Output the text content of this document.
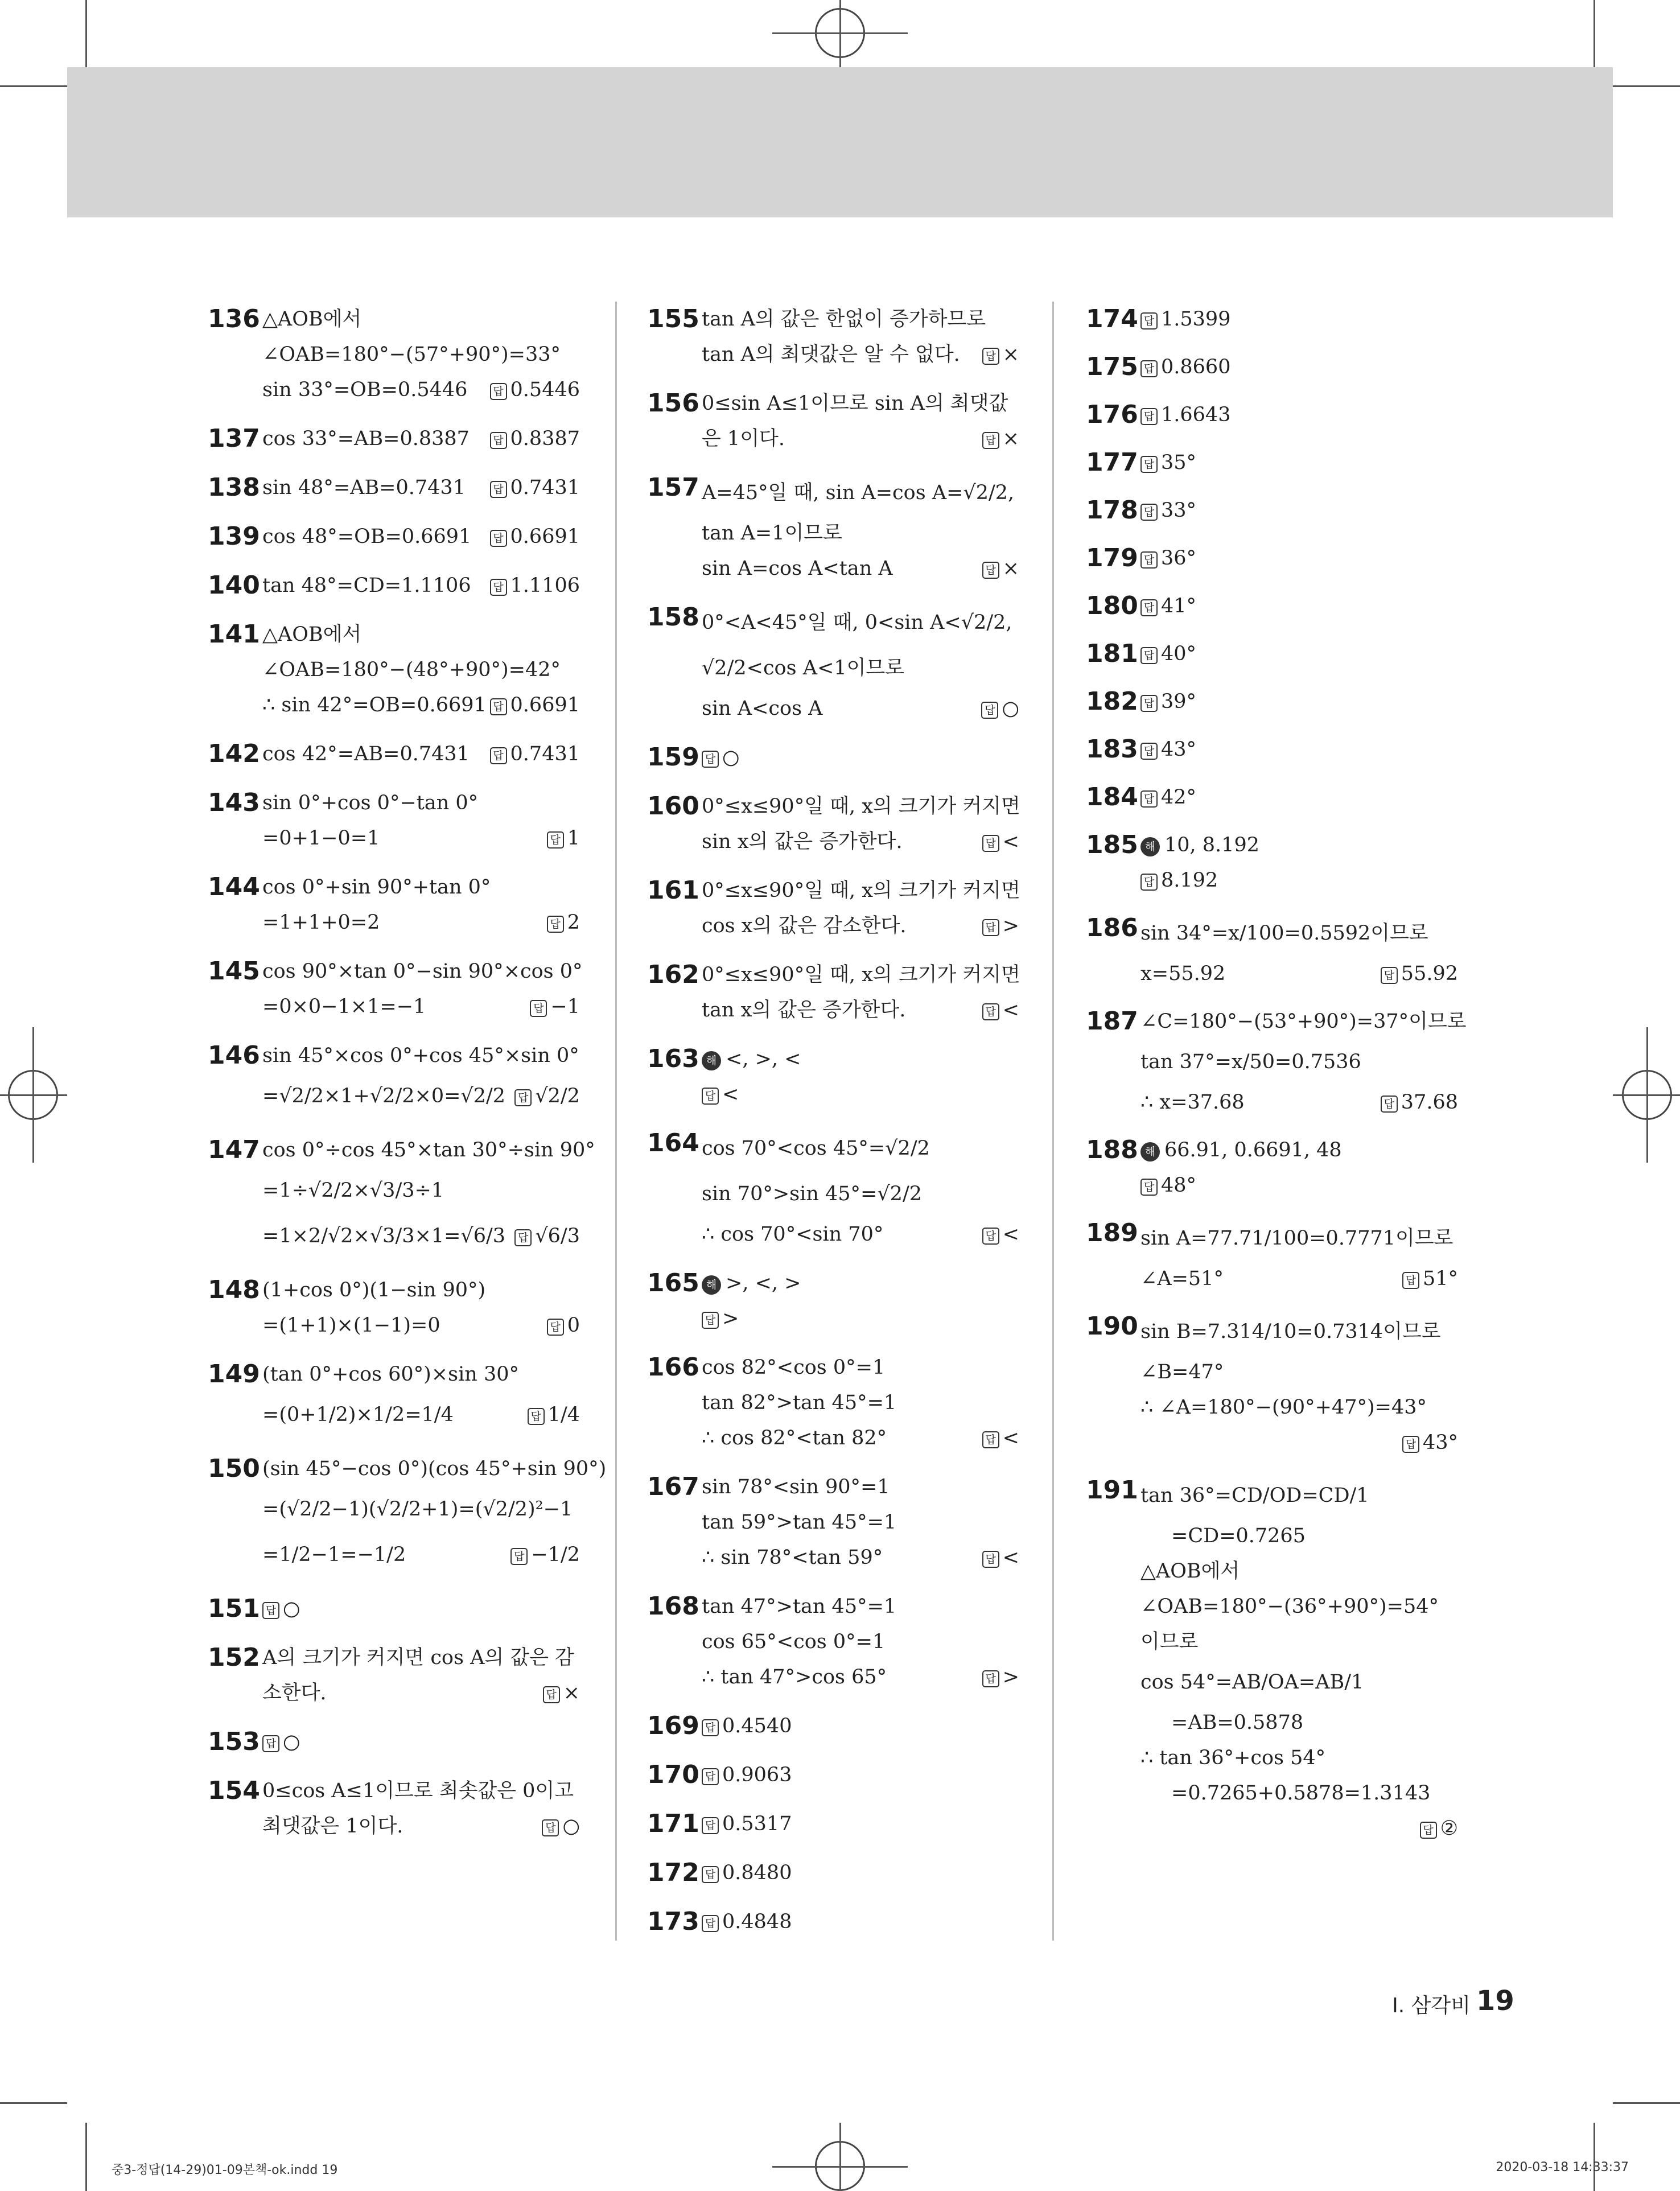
136 △AOB에서
∠OAB=180°−(57°+90°)=33°
sin 33°=OB=0.5446	답 0.5446
137 cos 33°=AB=0.8387	답 0.8387
138 sin 48°=AB=0.7431	답 0.7431
139 cos 48°=OB=0.6691	답 0.6691
140 tan 48°=CD=1.1106	답 1.1106
141 △AOB에서
∠OAB=180°−(48°+90°)=42°
∴ sin 42°=OB=0.6691 답 0.6691
142 cos 42°=AB=0.7431	답 0.7431
143 sin 0°+cos 0°−tan 0°
=0+1−0=1	답 1
144 cos 0°+sin 90°+tan 0°
=1+1+0=2	답 2
145 cos 90°×tan 0°−sin 90°×cos 0°
=0×0−1×1=−1	답 −1
146 sin 45°×cos 0°+cos 45°×sin 0°
=√2/2×1+√2/2×0=√2/2	답 √2/2
147 cos 0°÷cos 45°×tan 30°÷sin 90°
=1÷√2/2×√3/3÷1
=1×2/√2×√3/3×1=√6/3	답 √6/3
148 (1+cos 0°)(1−sin 90°)
=(1+1)×(1−1)=0	답 0
149 (tan 0°+cos 60°)×sin 30°
=(0+1/2)×1/2=1/4	답 1/4
150 (sin 45°−cos 0°)(cos 45°+sin 90°)
=(√2/2−1)(√2/2+1)=(√2/2)²−1
=1/2−1=−1/2	답 −1/2
151 답 ○
152 A의 크기가 커지면 cos A의 값은 감
소한다.	답 ×
153 답 ○
154 0≤cos A≤1이므로 최솟값은 0이고
최댓값은 1이다.	답 ○
155 tan A의 값은 한없이 증가하므로
tan A의 최댓값은 알 수 없다.	답 ×
156 0≤sin A≤1이므로 sin A의 최댓값
은 1이다.	답 ×
157 A=45°일 때, sin A=cos A=√2/2,
tan A=1이므로
sin A=cos A<tan A	답 ×
158 0°<A<45°일 때, 0<sin A<√2/2,
√2/2<cos A<1이므로
sin A<cos A	답 ○
159 답 ○
160 0°≤x≤90°일 때, x의 크기가 커지면
sin x의 값은 증가한다.	답 <
161 0°≤x≤90°일 때, x의 크기가 커지면
cos x의 값은 감소한다.	답 >
162 0°≤x≤90°일 때, x의 크기가 커지면
tan x의 값은 증가한다.	답 <
163 해 <, >, <
답 <
164 cos 70°<cos 45°=√2/2
sin 70°>sin 45°=√2/2
∴ cos 70°<sin 70°	답 <
165 해 >, <, >
답 >
166 cos 82°<cos 0°=1
tan 82°>tan 45°=1
∴ cos 82°<tan 82°	답 <
167 sin 78°<sin 90°=1
tan 59°>tan 45°=1
∴ sin 78°<tan 59°	답 <
168 tan 47°>tan 45°=1
cos 65°<cos 0°=1
∴ tan 47°>cos 65°	답 >
169 답 0.4540
170 답 0.9063
171 답 0.5317
172 답 0.8480
173 답 0.4848
174 답 1.5399
175 답 0.8660
176 답 1.6643
177 답 35°
178 답 33°
179 답 36°
180 답 41°
181 답 40°
182 답 39°
183 답 43°
184 답 42°
185 해 10, 8.192
답 8.192
186 sin 34°=x/100=0.5592이므로
x=55.92	답 55.92
187 ∠C=180°−(53°+90°)=37°이므로
tan 37°=x/50=0.7536
∴ x=37.68	답 37.68
188 해 66.91, 0.6691, 48
답 48°
189 sin A=77.71/100=0.7771이므로
∠A=51°	답 51°
190 sin B=7.314/10=0.7314이므로
∠B=47°
∴ ∠A=180°−(90°+47°)=43°
답 43°
191 tan 36°=CD/OD=CD/1
=CD=0.7265
△AOB에서
∠OAB=180°−(36°+90°)=54°
이므로
cos 54°=AB/OA=AB/1
=AB=0.5878
∴ tan 36°+cos 54°
=0.7265+0.5878=1.3143
답 ②
I. 삼각비 19
중3-정답(14-29)01-09본책-ok.indd 19	2020-03-18 14:33:37
